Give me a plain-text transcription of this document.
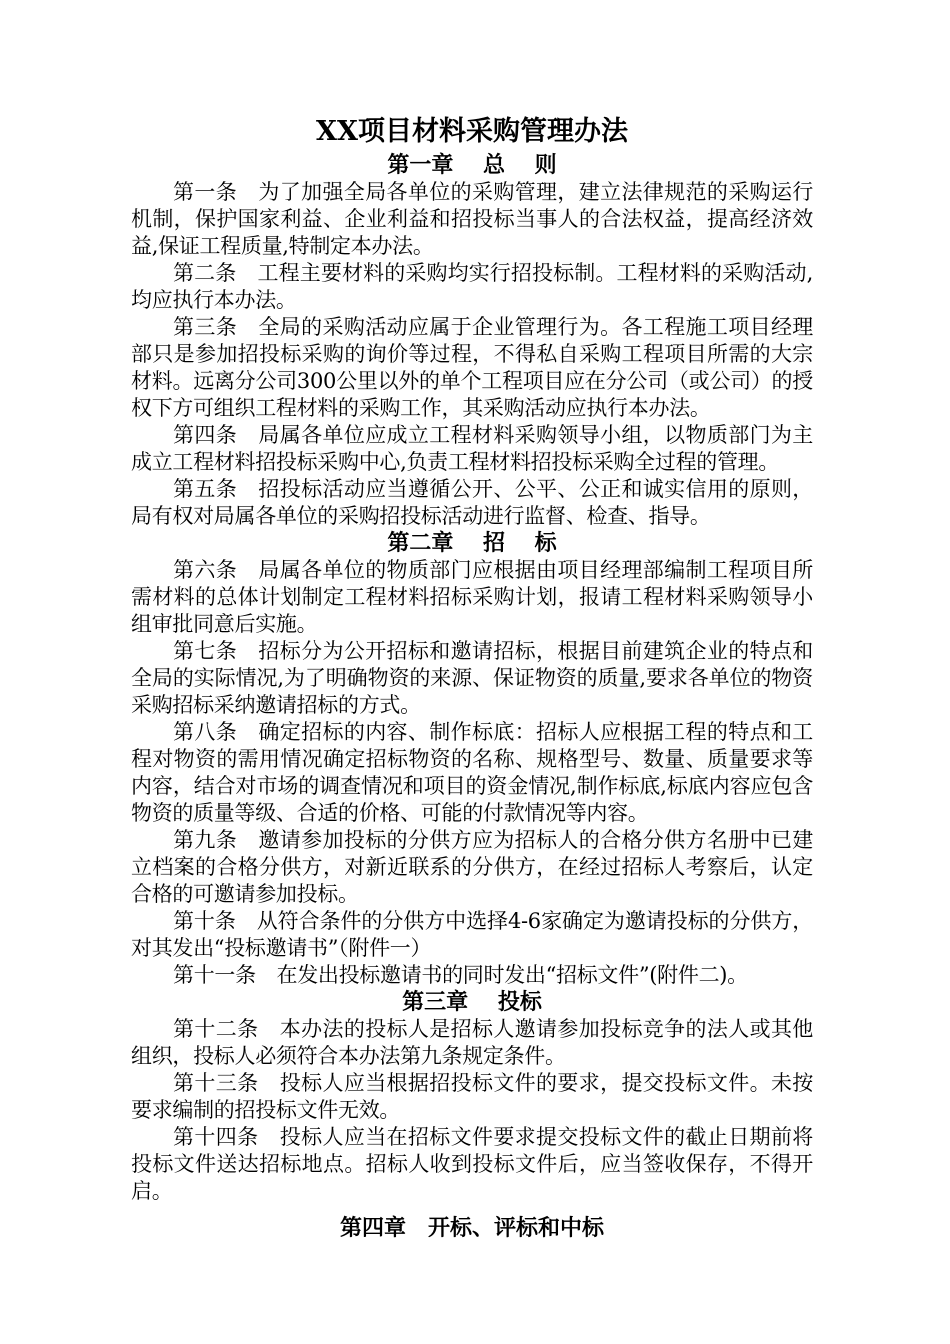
XX项目材料采购管理办法
第一章　 总　 则

第一条　为了加强全局各单位的采购管理，建立法律规范的采购运行机制，保护国家利益、企业利益和招投标当事人的合法权益，提高经济效益,保证工程质量,特制定本办法。

第二条　工程主要材料的采购均实行招投标制。工程材料的采购活动,均应执行本办法。

第三条　全局的采购活动应属于企业管理行为。各工程施工项目经理部只是参加招投标采购的询价等过程，不得私自采购工程项目所需的大宗材料。远离分公司300公里以外的单个工程项目应在分公司（或公司）的授权下方可组织工程材料的采购工作，其采购活动应执行本办法。

第四条　局属各单位应成立工程材料采购领导小组，以物质部门为主成立工程材料招投标采购中心,负责工程材料招投标采购全过程的管理。

第五条　招投标活动应当遵循公开、公平、公正和诚实信用的原则，局有权对局属各单位的采购招投标活动进行监督、检查、指导。

第二章　 招　 标

第六条　局属各单位的物质部门应根据由项目经理部编制工程项目所需材料的总体计划制定工程材料招标采购计划，报请工程材料采购领导小组审批同意后实施。

第七条　招标分为公开招标和邀请招标，根据目前建筑企业的特点和全局的实际情况,为了明确物资的来源、保证物资的质量,要求各单位的物资采购招标采纳邀请招标的方式。

第八条　确定招标的内容、制作标底：招标人应根据工程的特点和工程对物资的需用情况确定招标物资的名称、规格型号、数量、质量要求等内容，结合对市场的调查情况和项目的资金情况,制作标底,标底内容应包含物资的质量等级、合适的价格、可能的付款情况等内容。

第九条　邀请参加投标的分供方应为招标人的合格分供方名册中已建立档案的合格分供方，对新近联系的分供方，在经过招标人考察后，认定合格的可邀请参加投标。

第十条　从符合条件的分供方中选择4-6家确定为邀请投标的分供方，对其发出“投标邀请书”（附件一）

第十一条　在发出投标邀请书的同时发出“招标文件”(附件二)。

第三章　 投标

第十二条　本办法的投标人是招标人邀请参加投标竞争的法人或其他组织，投标人必须符合本办法第九条规定条件。

第十三条　投标人应当根据招投标文件的要求，提交投标文件。未按要求编制的招投标文件无效。

第十四条　投标人应当在招标文件要求提交投标文件的截止日期前将投标文件送达招标地点。招标人收到投标文件后，应当签收保存，不得开启。

第四章　开标、评标和中标
